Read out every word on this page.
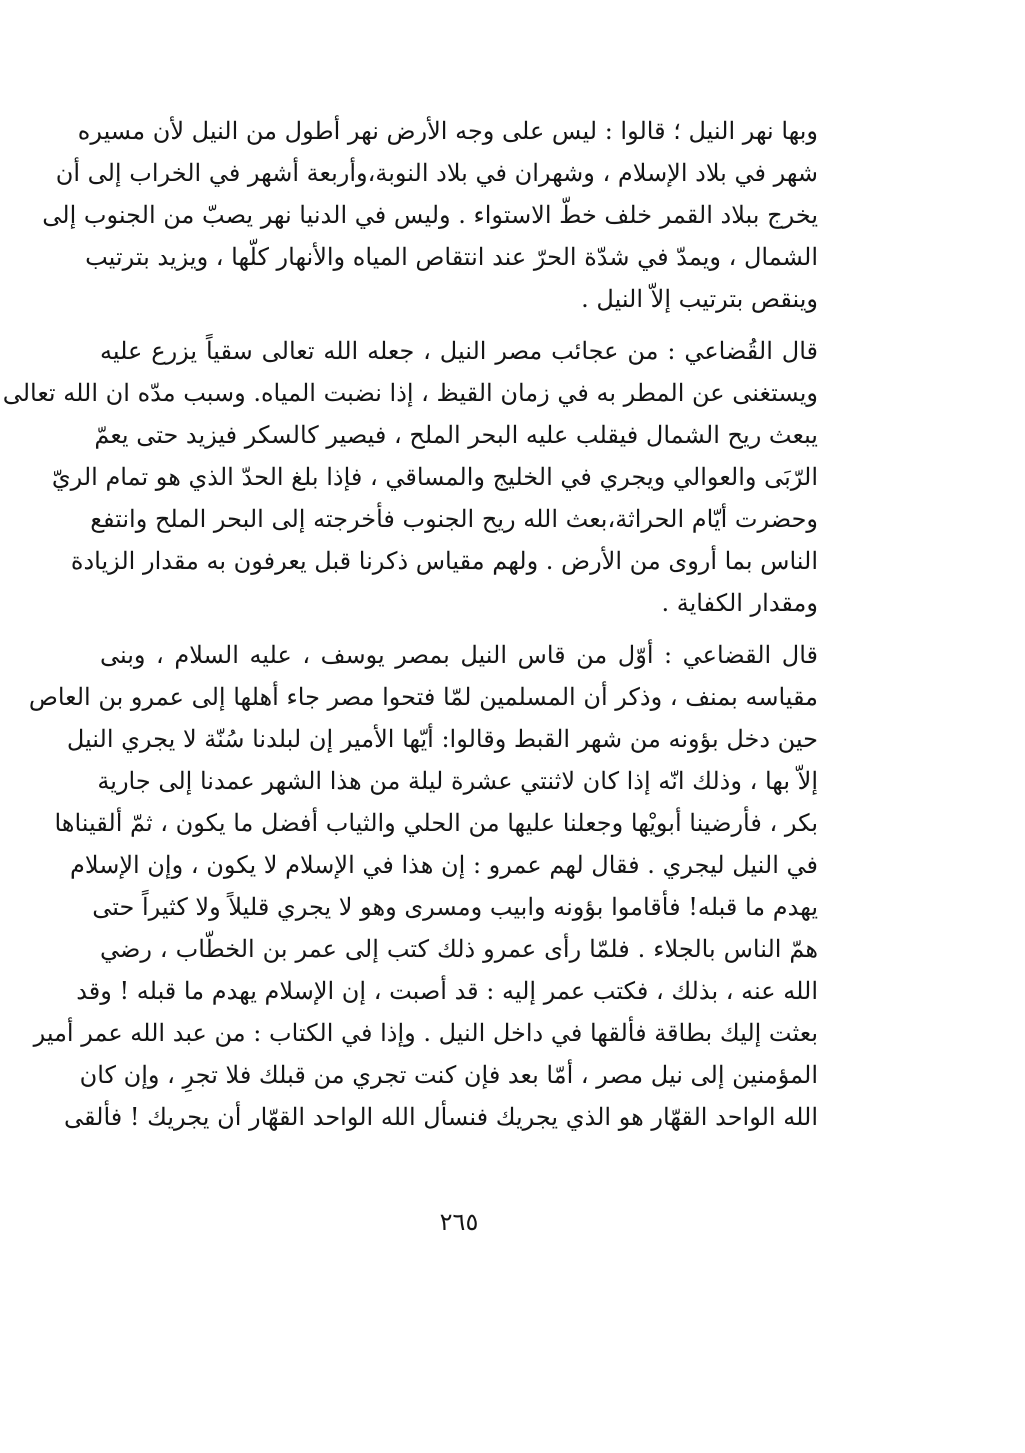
وبها نهر النيل ؛ قالوا : ليس على وجه الأرض نهر أطول من النيل لأن مسيره
شهر في بلاد الإسلام ، وشهران في بلاد النوبة،وأربعة أشهر في الخراب إلى أن
يخرج ببلاد القمر خلف خطّ الاستواء . وليس في الدنيا نهر يصبّ من الجنوب إلى
الشمال ، ويمدّ في شدّة الحرّ عند انتقاص المياه والأنهار كلّها ، ويزيد بترتيب
وينقص بترتيب إلاّ النيل .
قال القُضاعي : من عجائب مصر النيل ، جعله الله تعالى سقياً يزرع عليه
ويستغنى عن المطر به في زمان القيظ ، إذا نضبت المياه. وسبب مدّه ان الله تعالى
يبعث ريح الشمال فيقلب عليه البحر الملح ، فيصير كالسكر فيزيد حتى يعمّ
الرّبَى والعوالي ويجري في الخليج والمساقي ، فإذا بلغ الحدّ الذي هو تمام الريّ
وحضرت أيّام الحراثة،بعث الله ريح الجنوب فأخرجته إلى البحر الملح وانتفع
الناس بما أروى من الأرض . ولهم مقياس ذكرنا قبل يعرفون به مقدار الزيادة
ومقدار الكفاية .
قال القضاعي : أوّل من قاس النيل بمصر يوسف ، عليه السلام ، وبنى
مقياسه بمنف ، وذكر أن المسلمين لمّا فتحوا مصر جاء أهلها إلى عمرو بن العاص
حين دخل بؤونه من شهر القبط وقالوا: أيّها الأمير إن لبلدنا سُنّة لا يجري النيل
إلاّ بها ، وذلك انّه إذا كان لاثنتي عشرة ليلة من هذا الشهر عمدنا إلى جارية
بكر ، فأرضينا أبويْها وجعلنا عليها من الحلي والثياب أفضل ما يكون ، ثمّ ألقيناها
في النيل ليجري . فقال لهم عمرو : إن هذا في الإسلام لا يكون ، وإن الإسلام
يهدم ما قبله! فأقاموا بؤونه وابيب ومسرى وهو لا يجري قليلاً ولا كثيراً حتى
همّ الناس بالجلاء . فلمّا رأى عمرو ذلك كتب إلى عمر بن الخطّاب ، رضي
الله عنه ، بذلك ، فكتب عمر إليه : قد أصبت ، إن الإسلام يهدم ما قبله ! وقد
بعثت إليك بطاقة فألقها في داخل النيل . وإذا في الكتاب : من عبد الله عمر أمير
المؤمنين إلى نيل مصر ، أمّا بعد فإن كنت تجري من قبلك فلا تجرِ ، وإن كان
الله الواحد القهّار هو الذي يجريك فنسأل الله الواحد القهّار أن يجريك ! فألقى
٢٦٥
